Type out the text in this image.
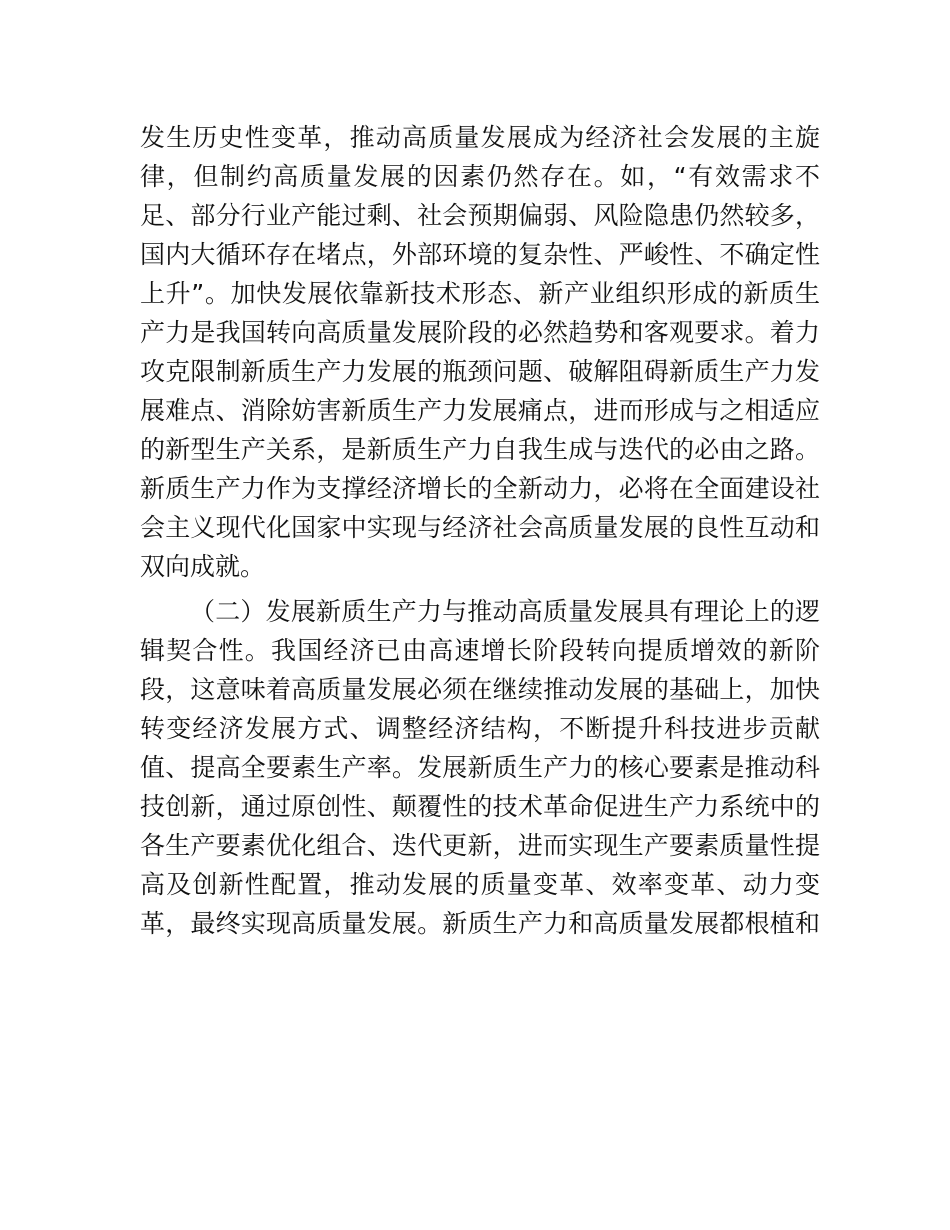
发生历史性变革，推动高质量发展成为经济社会发展的主旋
律，但制约高质量发展的因素仍然存在。如，“有效需求不
足、部分行业产能过剩、社会预期偏弱、风险隐患仍然较多，
国内大循环存在堵点，外部环境的复杂性、严峻性、不确定性
上升”。加快发展依靠新技术形态、新产业组织形成的新质生
产力是我国转向高质量发展阶段的必然趋势和客观要求。着力
攻克限制新质生产力发展的瓶颈问题、破解阻碍新质生产力发
展难点、消除妨害新质生产力发展痛点，进而形成与之相适应
的新型生产关系，是新质生产力自我生成与迭代的必由之路。
新质生产力作为支撑经济增长的全新动力，必将在全面建设社
会主义现代化国家中实现与经济社会高质量发展的良性互动和
双向成就。
（二）发展新质生产力与推动高质量发展具有理论上的逻
辑契合性。我国经济已由高速增长阶段转向提质增效的新阶
段，这意味着高质量发展必须在继续推动发展的基础上，加快
转变经济发展方式、调整经济结构，不断提升科技进步贡献
值、提高全要素生产率。发展新质生产力的核心要素是推动科
技创新，通过原创性、颠覆性的技术革命促进生产力系统中的
各生产要素优化组合、迭代更新，进而实现生产要素质量性提
高及创新性配置，推动发展的质量变革、效率变革、动力变
革，最终实现高质量发展。新质生产力和高质量发展都根植和
